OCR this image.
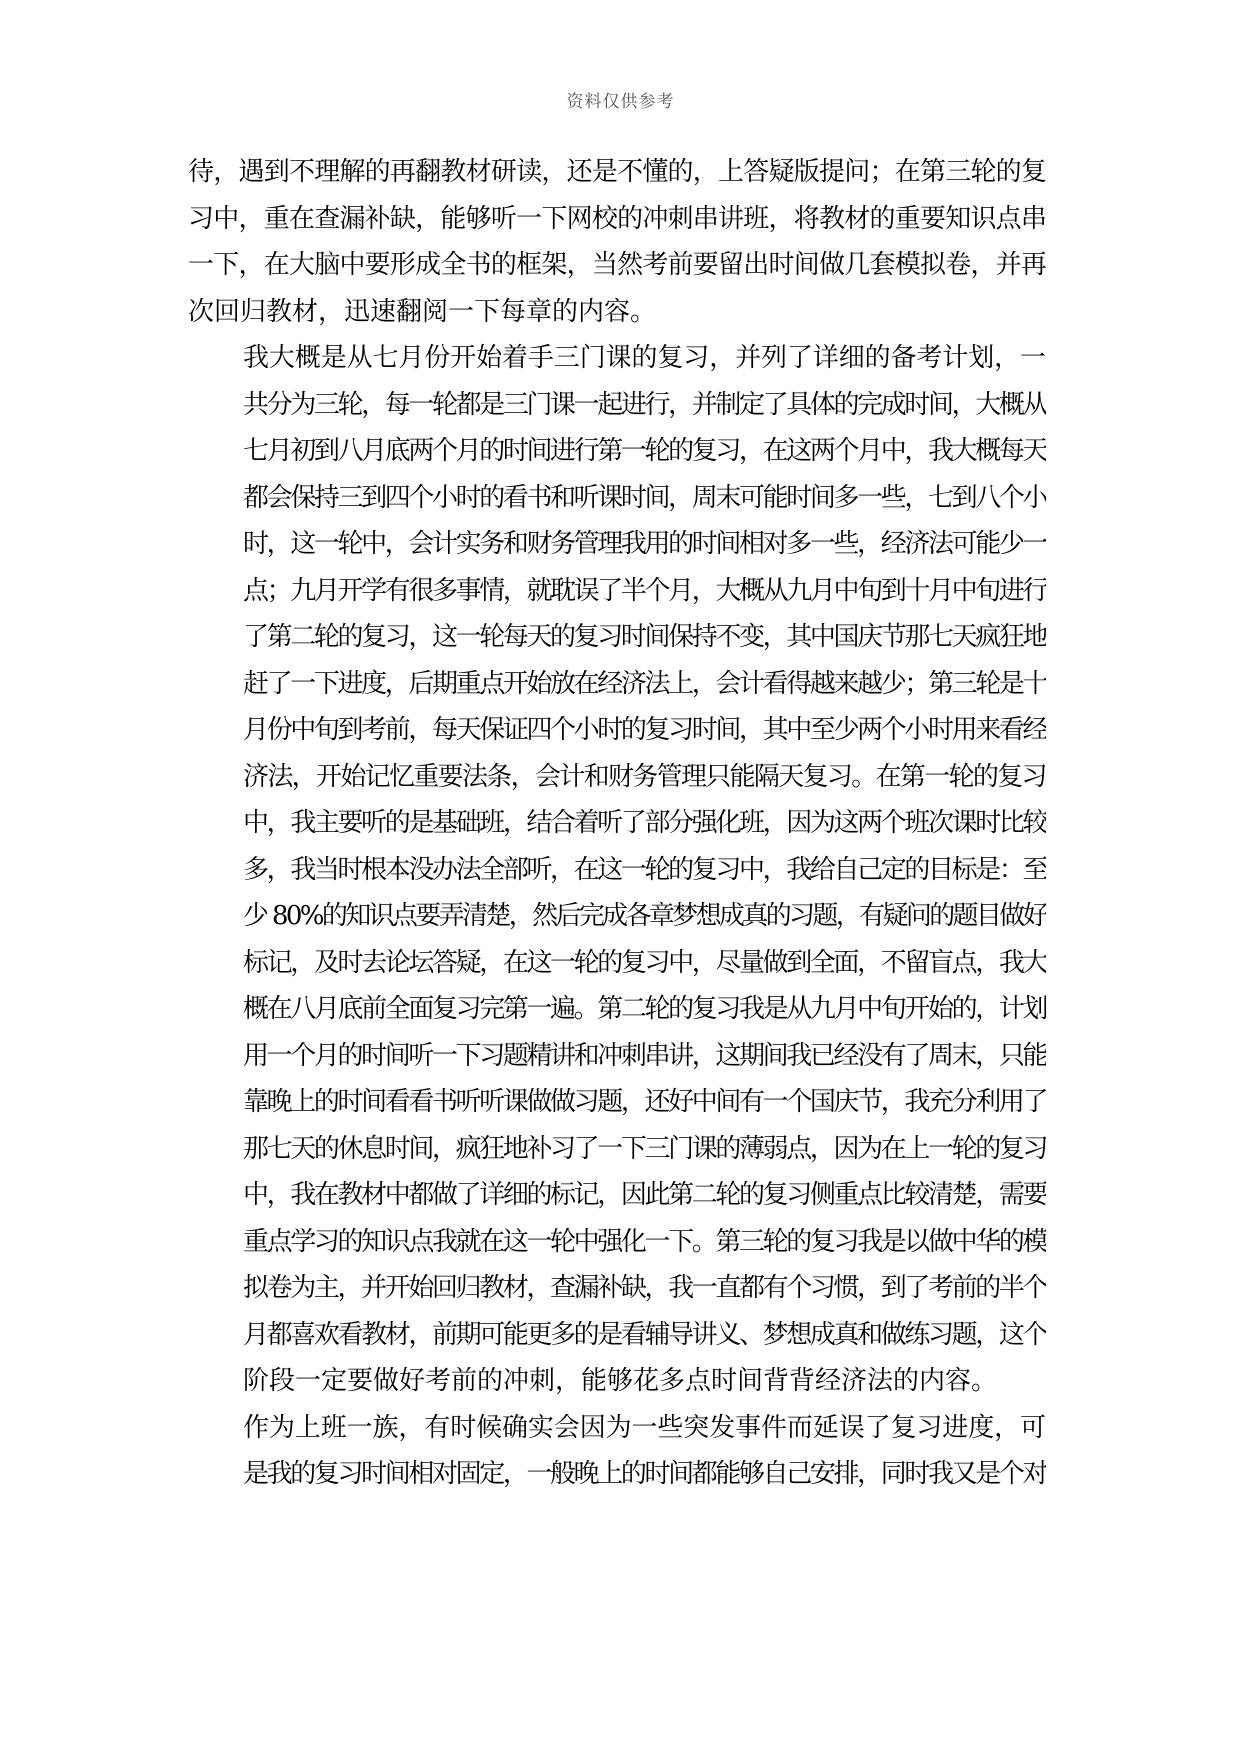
资料仅供参考
待，遇到不理解的再翻教材研读，还是不懂的，上答疑版提问；在第三轮的复
习中，重在查漏补缺，能够听一下网校的冲刺串讲班，将教材的重要知识点串
一下，在大脑中要形成全书的框架，当然考前要留出时间做几套模拟卷，并再
次回归教材，迅速翻阅一下每章的内容。
我大概是从七月份开始着手三门课的复习，并列了详细的备考计划，一
共分为三轮，每一轮都是三门课一起进行，并制定了具体的完成时间，大概从
七月初到八月底两个月的时间进行第一轮的复习，在这两个月中，我大概每天
都会保持三到四个小时的看书和听课时间，周末可能时间多一些，七到八个小
时，这一轮中，会计实务和财务管理我用的时间相对多一些，经济法可能少一
点；九月开学有很多事情，就耽误了半个月，大概从九月中旬到十月中旬进行
了第二轮的复习，这一轮每天的复习时间保持不变，其中国庆节那七天疯狂地
赶了一下进度，后期重点开始放在经济法上，会计看得越来越少；第三轮是十
月份中旬到考前，每天保证四个小时的复习时间，其中至少两个小时用来看经
济法，开始记忆重要法条，会计和财务管理只能隔天复习。在第一轮的复习
中，我主要听的是基础班，结合着听了部分强化班，因为这两个班次课时比较
多，我当时根本没办法全部听，在这一轮的复习中，我给自己定的目标是：至
少 80%的知识点要弄清楚，然后完成各章梦想成真的习题，有疑问的题目做好
标记，及时去论坛答疑，在这一轮的复习中，尽量做到全面，不留盲点，我大
概在八月底前全面复习完第一遍。第二轮的复习我是从九月中旬开始的，计划
用一个月的时间听一下习题精讲和冲刺串讲，这期间我已经没有了周末，只能
靠晚上的时间看看书听听课做做习题，还好中间有一个国庆节，我充分利用了
那七天的休息时间，疯狂地补习了一下三门课的薄弱点，因为在上一轮的复习
中，我在教材中都做了详细的标记，因此第二轮的复习侧重点比较清楚，需要
重点学习的知识点我就在这一轮中强化一下。第三轮的复习我是以做中华的模
拟卷为主，并开始回归教材，查漏补缺，我一直都有个习惯，到了考前的半个
月都喜欢看教材，前期可能更多的是看辅导讲义、梦想成真和做练习题，这个
阶段一定要做好考前的冲刺，能够花多点时间背背经济法的内容。
作为上班一族，有时候确实会因为一些突发事件而延误了复习进度，可
是我的复习时间相对固定，一般晚上的时间都能够自己安排，同时我又是个对
